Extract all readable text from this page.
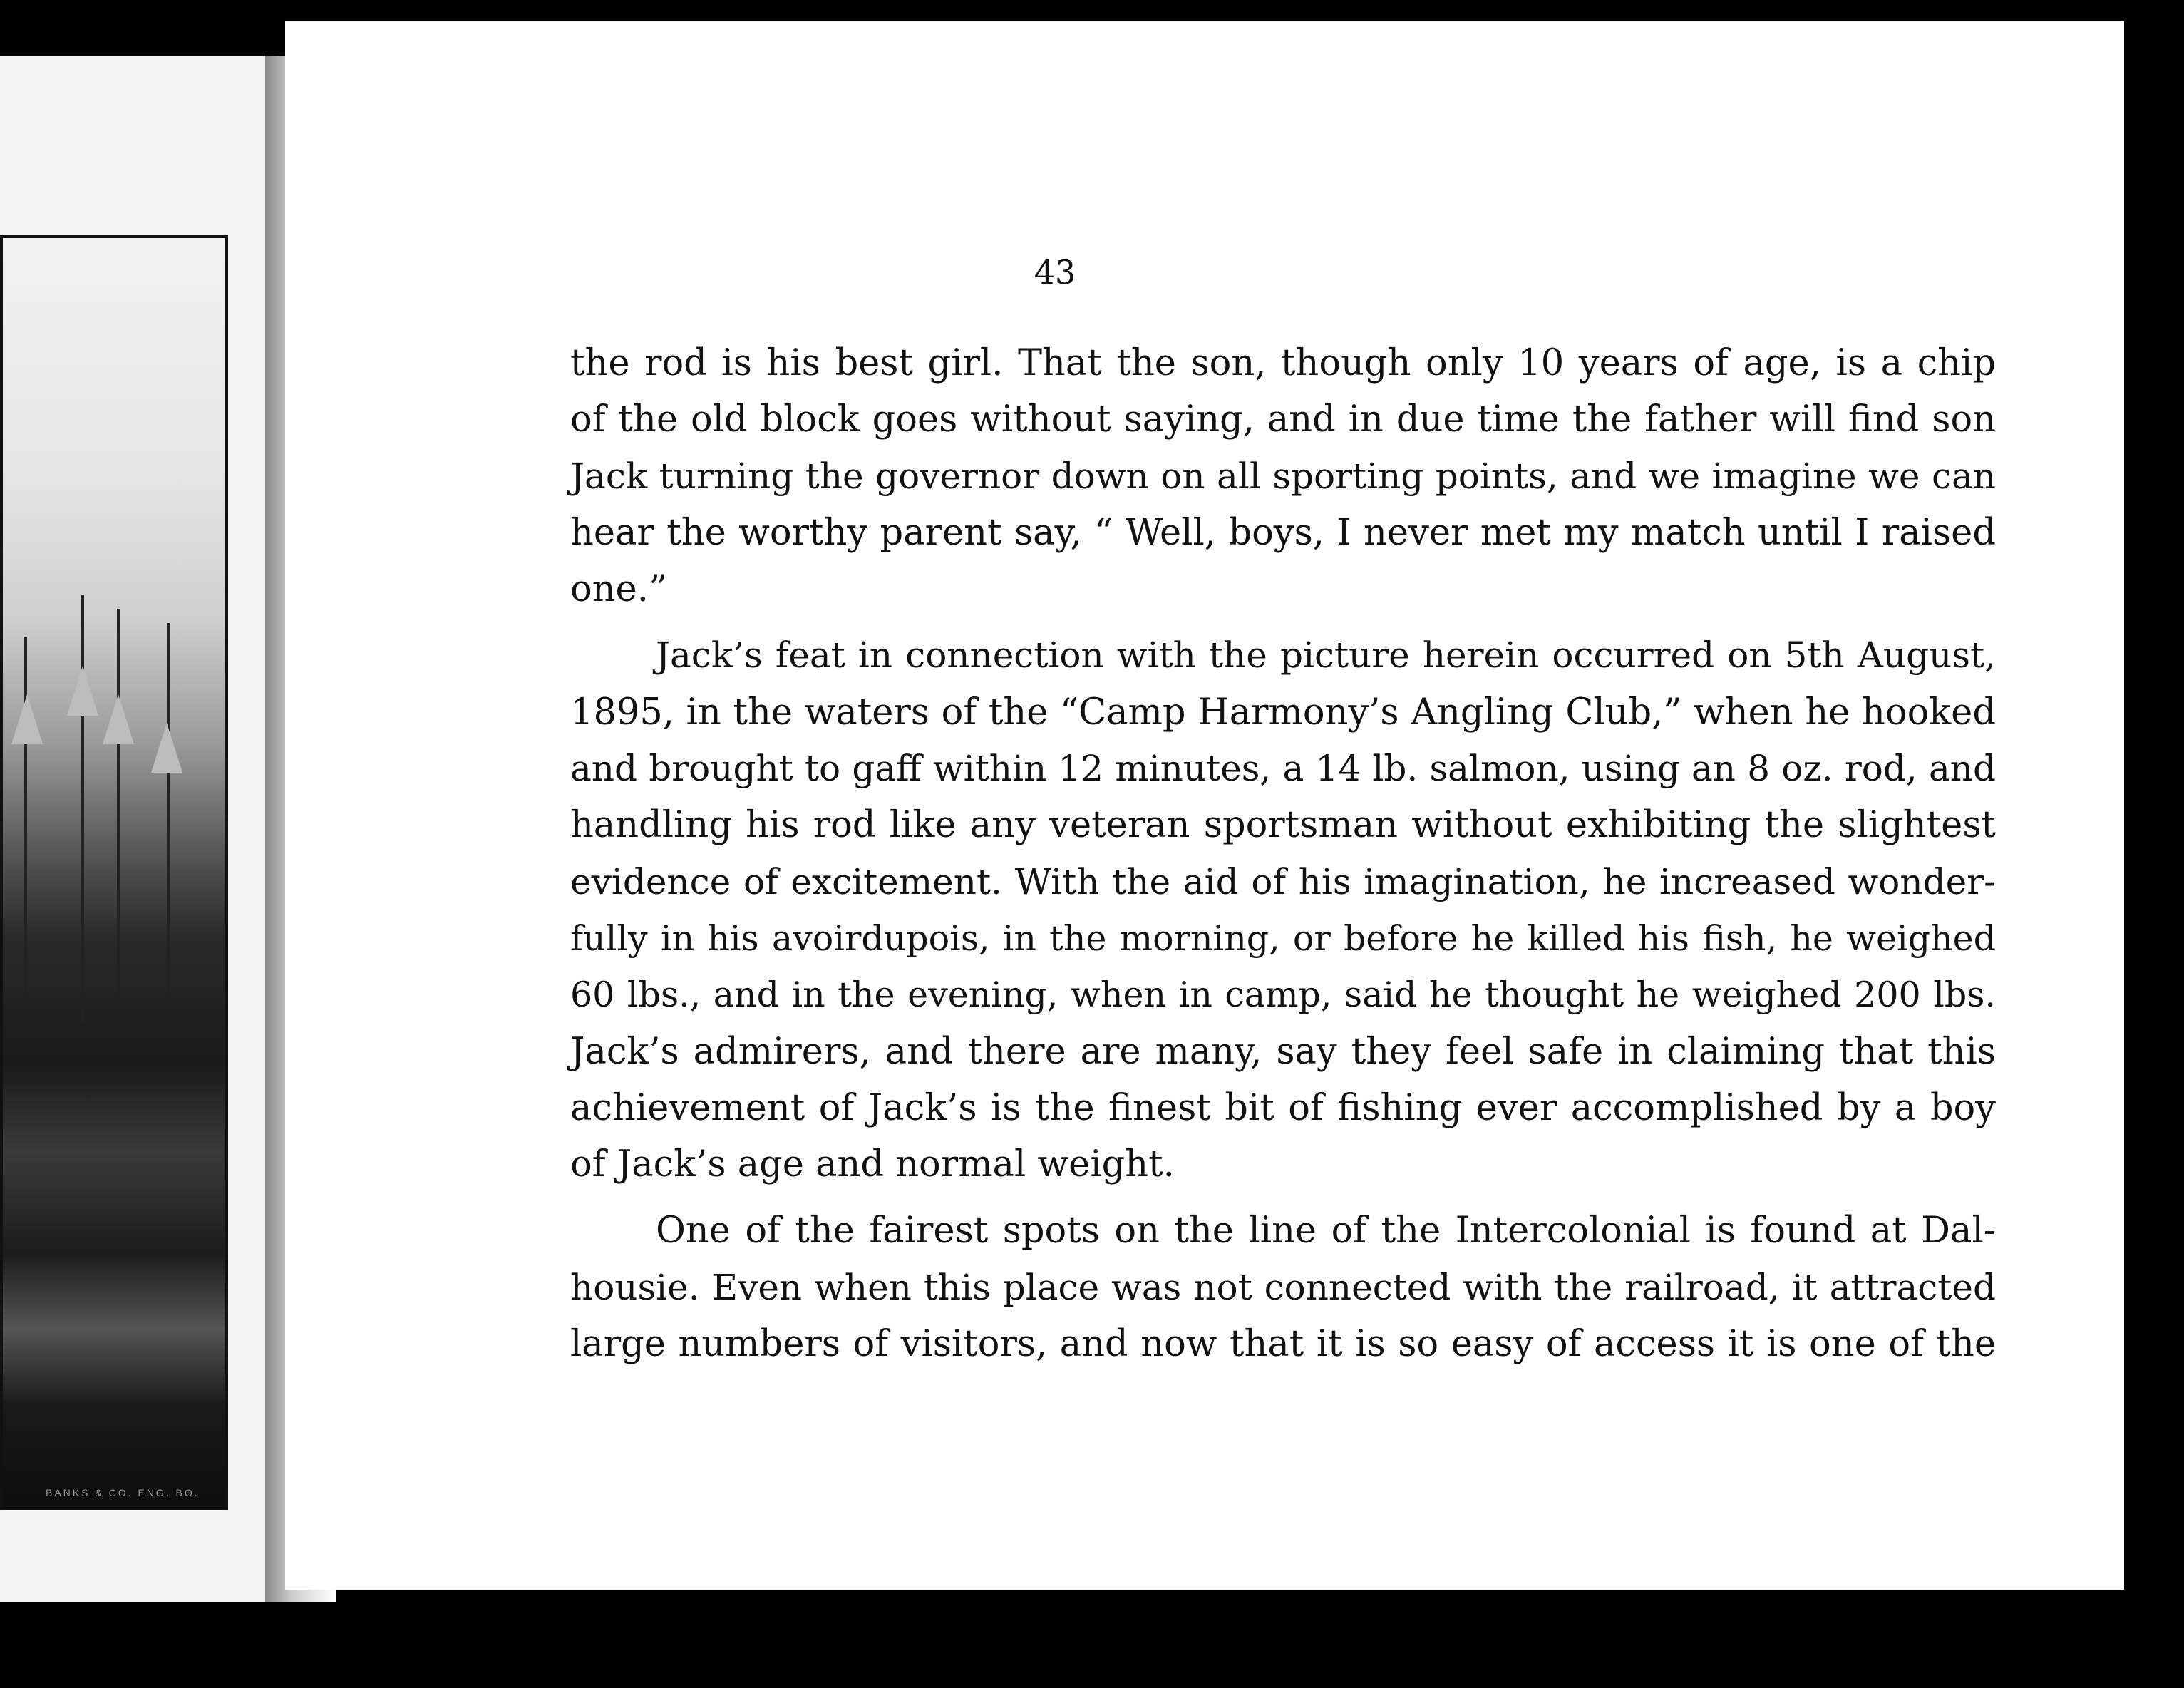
BANKS & CO. ENG. BO.
43
the rod is his best girl. That the son, though only 10 years of age, is a chip
of the old block goes without saying, and in due time the father will find son
Jack turning the governor down on all sporting points, and we imagine we can
hear the worthy parent say, “ Well, boys, I never met my match until I raised
one.”
Jack’s feat in connection with the picture herein occurred on 5th August,
1895, in the waters of the “Camp Harmony’s Angling Club,” when he hooked
and brought to gaff within 12 minutes, a 14 lb. salmon, using an 8 oz. rod, and
handling his rod like any veteran sportsman without exhibiting the slightest
evidence of excitement. With the aid of his imagination, he increased wonder-
fully in his avoirdupois, in the morning, or before he killed his fish, he weighed
60 lbs., and in the evening, when in camp, said he thought he weighed 200 lbs.
Jack’s admirers, and there are many, say they feel safe in claiming that this
achievement of Jack’s is the finest bit of fishing ever accomplished by a boy
of Jack’s age and normal weight.
One of the fairest spots on the line of the Intercolonial is found at Dal-
housie. Even when this place was not connected with the railroad, it attracted
large numbers of visitors, and now that it is so easy of access it is one of the
